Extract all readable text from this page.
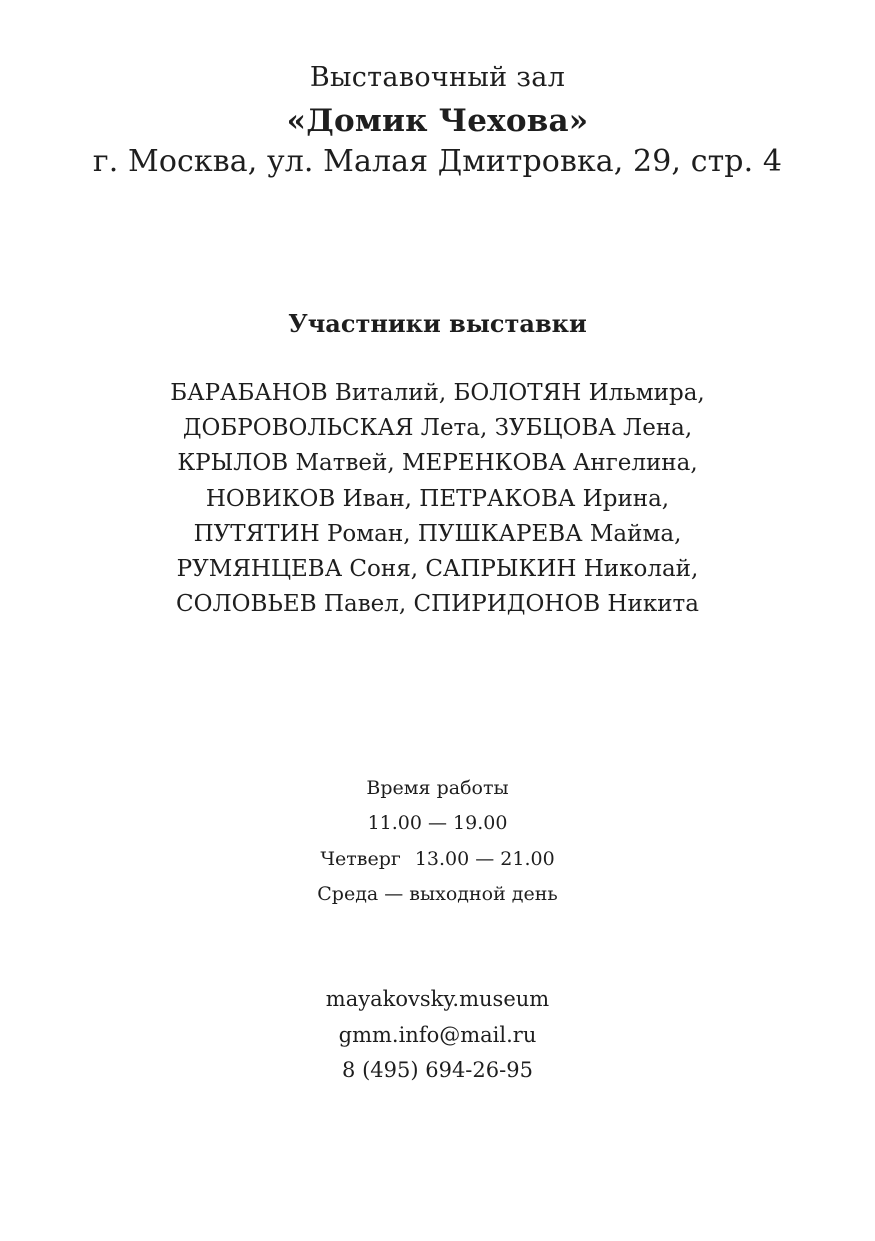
Выставочный зал
«Домик Чехова»
г. Москва, ул. Малая Дмитровка, 29, стр. 4
Участники выставки
БАРАБАНОВ Виталий, БОЛОТЯН Ильмира,
ДОБРОВОЛЬСКАЯ Лета, ЗУБЦОВА Лена,
КРЫЛОВ Матвей, МЕРЕНКОВА Ангелина,
НОВИКОВ Иван, ПЕТРАКОВА Ирина,
ПУТЯТИН Роман, ПУШКАРЕВА Майма,
РУМЯНЦЕВА Соня, САПРЫКИН Николай,
СОЛОВЬЕВ Павел, СПИРИДОНОВ Никита
Время работы
11.00 — 19.00
Четверг 13.00 — 21.00
Среда — выходной день
mayakovsky.museum
gmm.info@mail.ru
8 (495) 694-26-95
